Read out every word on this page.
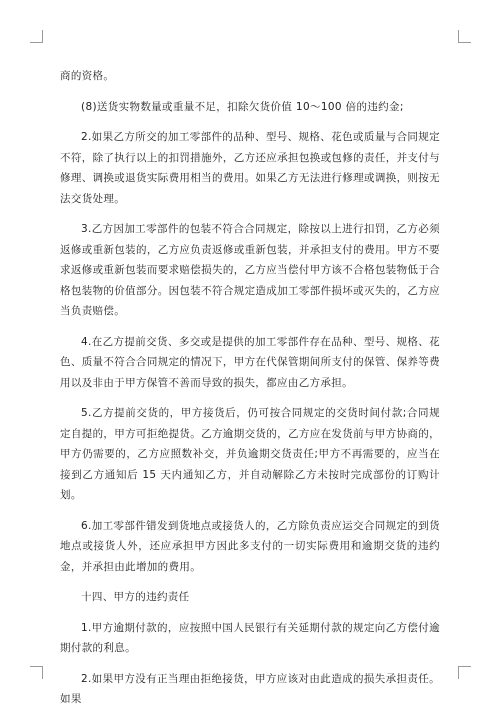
商的资格。

(8)送货实物数量或重量不足，扣除欠货价值 10～100 倍的违约金;

2.如果乙方所交的加工零部件的品种、型号、规格、花色或质量与合同规定不符，除了执行以上的扣罚措施外，乙方还应承担包换或包修的责任，并支付与修理、调换或退货实际费用相当的费用。如果乙方无法进行修理或调换，则按无法交货处理。

3.乙方因加工零部件的包装不符合合同规定，除按以上进行扣罚，乙方必须返修或重新包装的，乙方应负责返修或重新包装，并承担支付的费用。甲方不要求返修或重新包装而要求赔偿损失的，乙方应当偿付甲方该不合格包装物低于合格包装物的价值部分。因包装不符合规定造成加工零部件损坏或灭失的，乙方应当负责赔偿。

4.在乙方提前交货、多交或是提供的加工零部件存在品种、型号、规格、花色、质量不符合合同规定的情况下，甲方在代保管期间所支付的保管、保养等费用以及非由于甲方保管不善而导致的损失，都应由乙方承担。

5.乙方提前交货的，甲方接货后，仍可按合同规定的交货时间付款;合同规定自提的，甲方可拒绝提货。乙方逾期交货的，乙方应在发货前与甲方协商的，甲方仍需要的，乙方应照数补交，并负逾期交货责任;甲方不再需要的，应当在接到乙方通知后 15 天内通知乙方，并自动解除乙方未按时完成部份的订购计划。

6.加工零部件错发到货地点或接货人的，乙方除负责应运交合同规定的到货地点或接货人外，还应承担甲方因此多支付的一切实际费用和逾期交货的违约金，并承担由此增加的费用。

十四、甲方的违约责任

1.甲方逾期付款的，应按照中国人民银行有关延期付款的规定向乙方偿付逾期付款的利息。

2.如果甲方没有正当理由拒绝接货，甲方应该对由此造成的损失承担责任。如果
